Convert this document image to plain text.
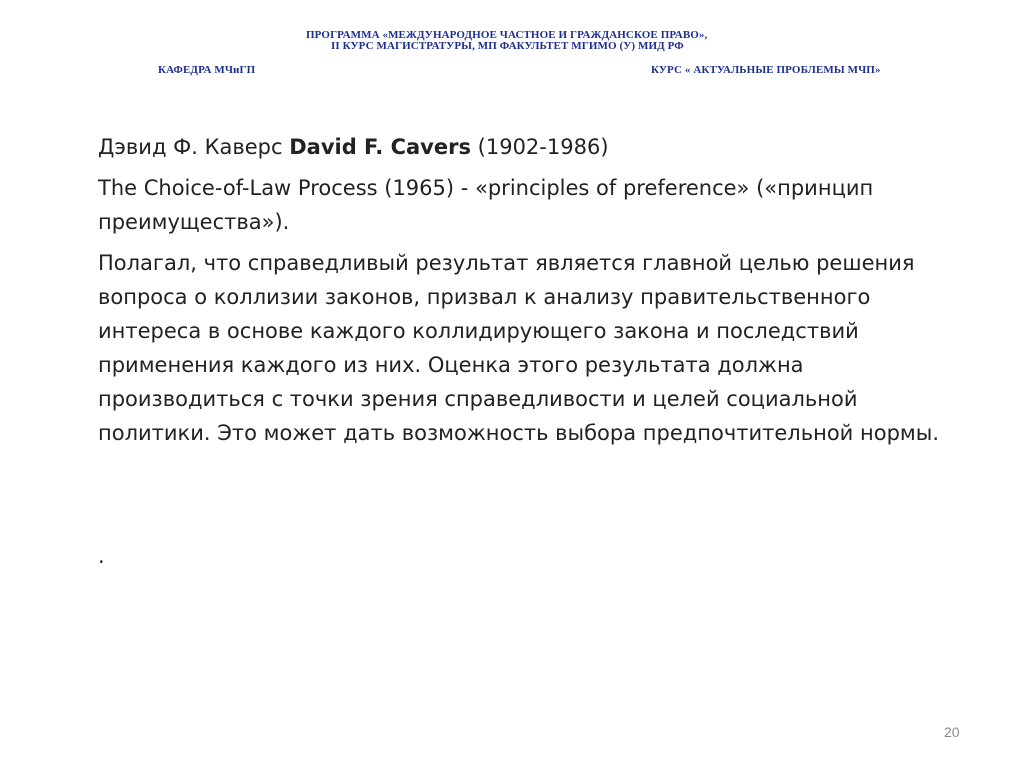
ПРОГРАММА «МЕЖДУНАРОДНОЕ ЧАСТНОЕ И ГРАЖДАНСКОЕ ПРАВО»,
II КУРС МАГИСТРАТУРЫ, МП ФАКУЛЬТЕТ МГИМО (У) МИД РФ
КАФЕДРА МЧиГП	КУРС « АКТУАЛЬНЫЕ ПРОБЛЕМЫ МЧП»
Дэвид Ф. Каверс David F. Cavers (1902-1986)
The Choice-of-Law Process (1965) - «principles of preference» («принцип преимущества»).
Полагал, что справедливый результат является главной целью решения вопроса о коллизии законов, призвал к анализу правительственного интереса в основе каждого коллидирующего закона и последствий применения каждого из них. Оценка этого результата должна производиться с точки зрения справедливости и целей социальной политики. Это может дать возможность выбора предпочтительной нормы.
.
20
